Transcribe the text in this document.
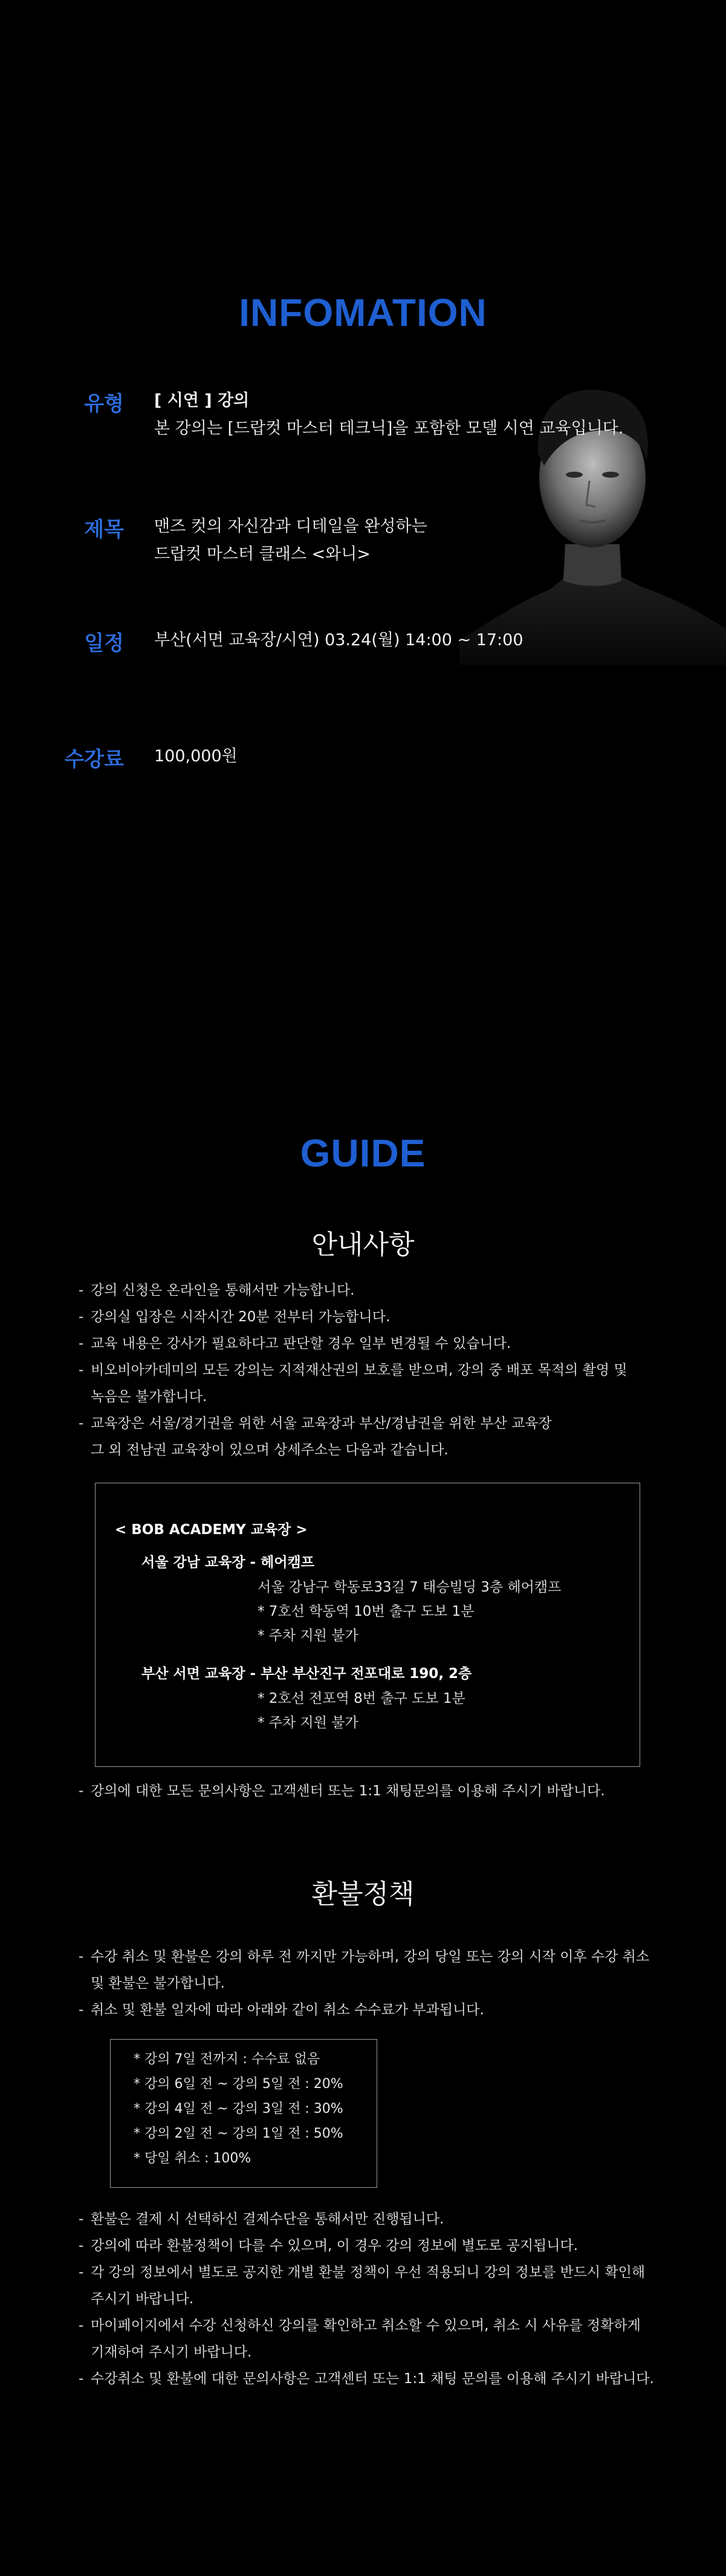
INFOMATION
유형 [ 시연 ] 강의
본 강의는 [드랍컷 마스터 테크닉]을 포함한 모델 시연 교육입니다.
제목 맨즈 컷의 자신감과 디테일을 완성하는
드랍컷 마스터 클래스 <와니>
일정 부산(서면 교육장/시연) 03.24(월) 14:00 ~ 17:00
수강료 100,000원
GUIDE
안내사항
- 강의 신청은 온라인을 통해서만 가능합니다.
- 강의실 입장은 시작시간 20분 전부터 가능합니다.
- 교육 내용은 강사가 필요하다고 판단할 경우 일부 변경될 수 있습니다.
- 비오비아카데미의 모든 강의는 지적재산권의 보호를 받으며, 강의 중 배포 목적의 촬영 및
녹음은 불가합니다.
- 교육장은 서울/경기권을 위한 서울 교육장과 부산/경남권을 위한 부산 교육장
그 외 전남권 교육장이 있으며 상세주소는 다음과 같습니다.
< BOB ACADEMY 교육장 >
서울 강남 교육장 - 헤어캠프
서울 강남구 학동로33길 7 태승빌딩 3층 헤어캠프
* 7호선 학동역 10번 출구 도보 1분
* 주차 지원 불가
부산 서면 교육장 - 부산 부산진구 전포대로 190, 2층
* 2호선 전포역 8번 출구 도보 1분
* 주차 지원 불가
- 강의에 대한 모든 문의사항은 고객센터 또는 1:1 채팅문의를 이용해 주시기 바랍니다.
환불정책
- 수강 취소 및 환불은 강의 하루 전 까지만 가능하며, 강의 당일 또는 강의 시작 이후 수강 취소
및 환불은 불가합니다.
- 취소 및 환불 일자에 따라 아래와 같이 취소 수수료가 부과됩니다.
* 강의 7일 전까지 : 수수료 없음
* 강의 6일 전 ~ 강의 5일 전 : 20%
* 강의 4일 전 ~ 강의 3일 전 : 30%
* 강의 2일 전 ~ 강의 1일 전 : 50%
* 당일 취소 : 100%
- 환불은 결제 시 선택하신 결제수단을 통해서만 진행됩니다.
- 강의에 따라 환불정책이 다를 수 있으며, 이 경우 강의 정보에 별도로 공지됩니다.
- 각 강의 정보에서 별도로 공지한 개별 환불 정책이 우선 적용되니 강의 정보를 반드시 확인해
주시기 바랍니다.
- 마이페이지에서 수강 신청하신 강의를 확인하고 취소할 수 있으며, 취소 시 사유를 정확하게
기재하여 주시기 바랍니다.
- 수강취소 및 환불에 대한 문의사항은 고객센터 또는 1:1 채팅 문의를 이용해 주시기 바랍니다.
